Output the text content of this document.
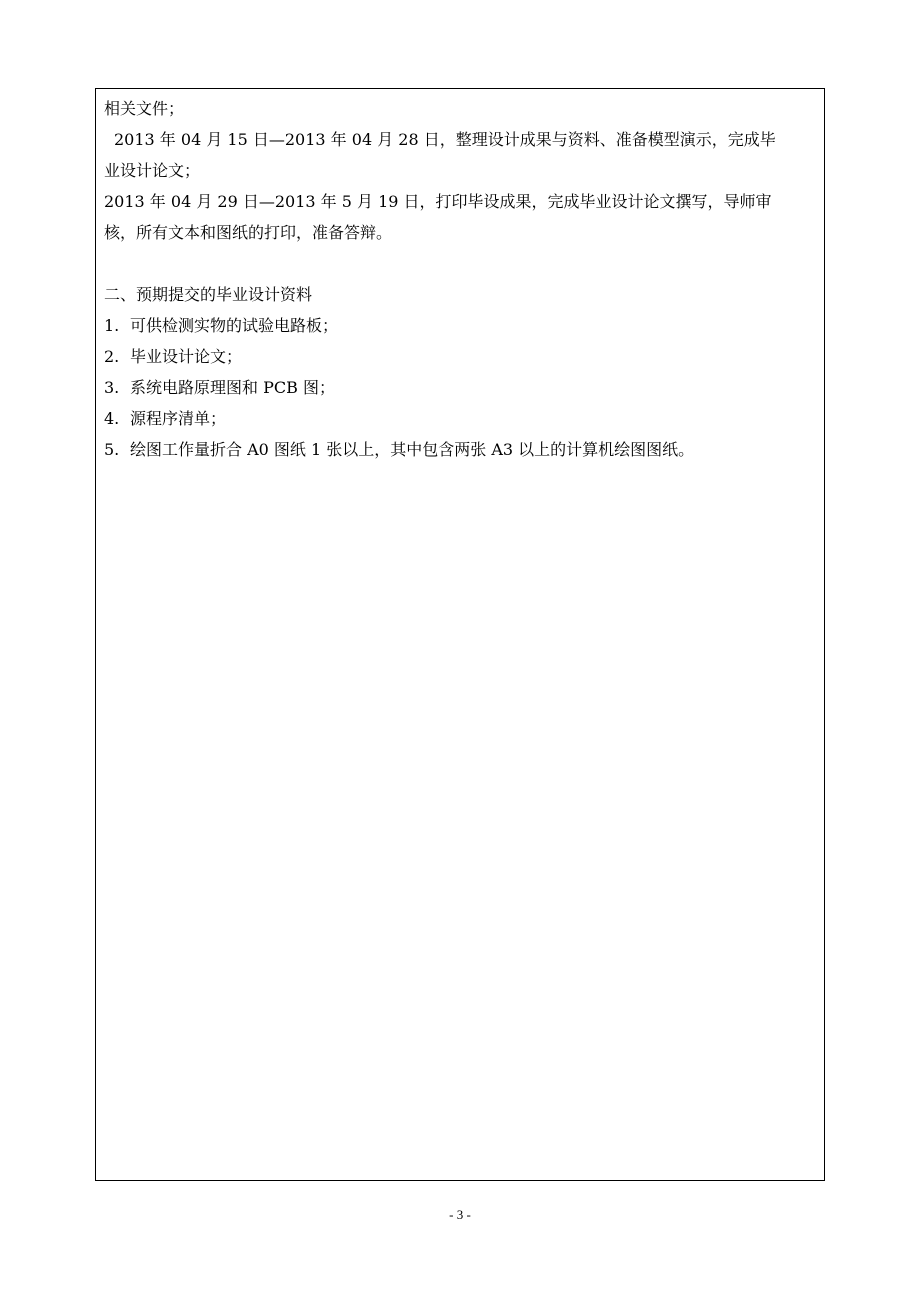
相关文件；
2013 年 04 月 15 日—2013 年 04 月 28 日，整理设计成果与资料、准备模型演示，完成毕
业设计论文；
2013 年 04 月 29 日—2013 年 5 月 19 日，打印毕设成果，完成毕业设计论文撰写，导师审
核，所有文本和图纸的打印，准备答辩。
二、预期提交的毕业设计资料
1. 可供检测实物的试验电路板；
2. 毕业设计论文；
3. 系统电路原理图和 PCB 图；
4. 源程序清单；
5. 绘图工作量折合 A0 图纸 1 张以上，其中包含两张 A3 以上的计算机绘图图纸。
- 3 -
